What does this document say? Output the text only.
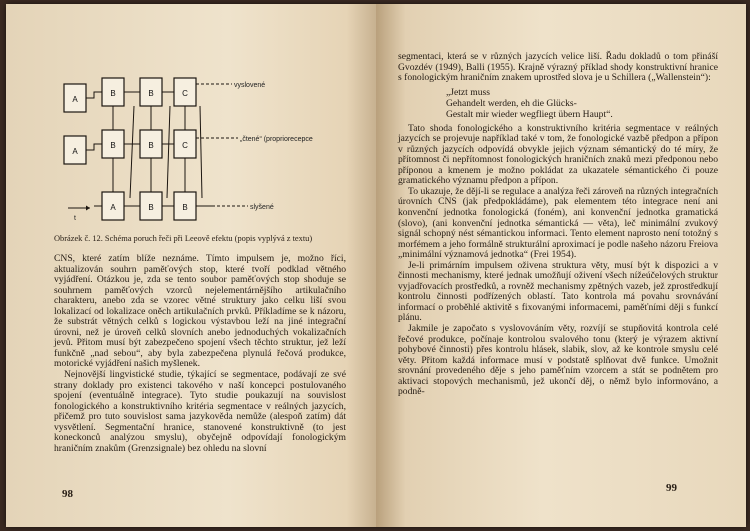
A
B	B	C
A
B	B	C
A	B	B
t
vyslovené
„čtené“ (propriorecepce
slyšené
Obrázek č. 12. Schéma poruch řeči při Leeově efektu (popis vyplývá z textu)

CNS, které zatím blíže neznáme. Tímto impulsem je, možno říci, aktualizován souhrn paměťových stop, které tvoří podklad větného vyjádření. Otázkou je, zda se tento soubor paměťových stop shoduje se souhrnem paměťových vzorců nejelementárnějšího artikulačního charakteru, anebo zda se vzorec větné struktury jako celku liší svou lokalizací od lokalizace oněch artikulačních prvků. Příkladíme se k názoru, že substrát větných celků s logickou výstavbou leží na jiné integrační úrovni, než je úroveň celků slovních anebo jednoduchých vokalizačních jevů. Přitom musí být zabezpečeno spojení všech těchto struktur, jež leží funkčně „nad sebou“, aby byla zabezpečena plynulá řečová produkce, motorické vyjádření našich myšlenek.

Nejnovější lingvistické studie, týkající se segmentace, podávají ze své strany doklady pro existenci takového v naší koncepci postulovaného spojení (eventuálně integrace). Tyto studie poukazují na souvislost fonologického a konstruktivního kritéria segmentace v reálných jazycích, přičemž pro tuto souvislost sama jazykověda nemůže (alespoň zatím) dát vysvětlení. Segmentační hranice, stanovené konstruktivně (to jest koneckonců analýzou smyslu), obyčejně odpovídají fonologickým hraničním znakům (Grenzsignale) bez ohledu na slovní

98

segmentaci, která se v různých jazycích velice liší. Řadu dokladů o tom přináší Gvozdév (1949), Balli (1955). Krajně výrazný příklad shody konstruktivní hranice s fonologickým hraničním znakem uprostřed slova je u Schillera („Wallenstein“):

„Jetzt muss
Gehandelt werden, eh die Glücks-
Gestalt mir wieder wegfliegt übern Haupt“.

Tato shoda fonologického a konstruktivního kritéria segmentace v reálných jazycích se projevuje například také v tom, že fonologické vazbě předpon a přípon v různých jazycích odpovídá obvykle jejich význam sémantický do té míry, že přítomnost či nepřítomnost fonologických hraničních znaků mezi předponou nebo příponou a kmenem je možno pokládat za ukazatele sémantického či pouze gramatického významu předpon a přípon.

To ukazuje, že dějí-li se regulace a analýza řeči zároveň na různých integračních úrovních CNS (jak předpokládáme), pak elementem této integrace není ani konvenční jednotka fonologická (foném), ani konvenční jednotka gramatická (slovo), (ani konvenční jednotka sémantická — věta), leč minimální zvukový signál schopný nést sémantickou informaci. Tento element naprosto není totožný s morfémem a jeho formálně strukturální aproximací je podle našeho názoru Freiova „minimální významová jednotka“ (Frei 1954).

Je-li primárním impulsem oživena struktura věty, musí být k dispozici a v činnosti mechanismy, které jednak umožňují oživení všech nížeúčelových struktur vyjadřovacích prostředků, a rovněž mechanismy zpětných vazeb, jež zprostředkují kontrolu činnosti podřízených oblastí. Tato kontrola má povahu srovnávání informací o proběhlé aktivitě s fixovanými informacemi, paměťními ději s funkcí plánu.

Jakmile je započato s vyslovováním věty, rozvíjí se stupňovitá kontrola celé řečové produkce, počínaje kontrolou svalového tonu (který je výrazem aktivní pohybové činnosti) přes kontrolu hlásek, slabik, slov, až ke kontrole smyslu celé věty. Přitom každá informace musí v podstatě splňovat dvě funkce. Umožnit srovnání provedeného dějе s jeho paměťním vzorcem a stát se podnětem pro aktivaci stopových mechanismů, jež ukončí děj, o němž bylo informováno, a podně-

99
